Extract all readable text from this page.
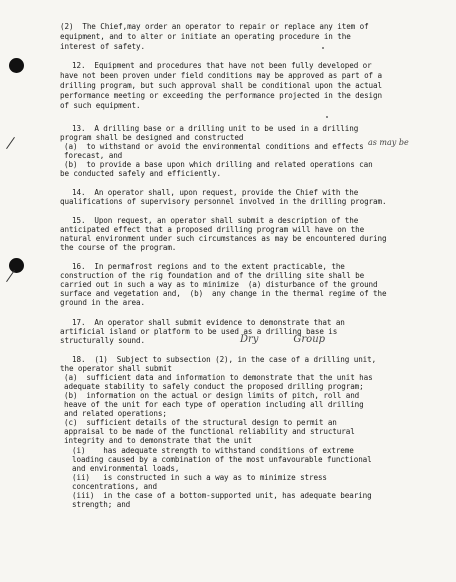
(2)  The Chief,may order an operator to repair or replace any item of
equipment, and to alter or initiate an operating procedure in the
interest of safety.
12.  Equipment and procedures that have not been fully developed or
have not been proven under field conditions may be approved as part of a
drilling program, but such approval shall be conditional upon the actual
performance meeting or exceeding the performance projected in the design
of such equipment.
13.  A drilling base or a drilling unit to be used in a drilling
program shall be designed and constructed
(a)  to withstand or avoid the environmental conditions and effects
forecast, and
(b)  to provide a base upon which drilling and related operations can
be conducted safely and efficiently.
14.  An operator shall, upon request, provide the Chief with the
qualifications of supervisory personnel involved in the drilling program.
15.  Upon request, an operator shall submit a description of the
anticipated effect that a proposed drilling program will have on the
natural environment under such circumstances as may be encountered during
the course of the program.
16.  In permafrost regions and to the extent practicable, the
construction of the rig foundation and of the drilling site shall be
carried out in such a way as to minimize  (a) disturbance of the ground
surface and vegetation and,  (b)  any change in the thermal regime of the
ground in the area.
17.  An operator shall submit evidence to demonstrate that an
artificial island or platform to be used as a drilling base is
structurally sound.
18.  (1)  Subject to subsection (2), in the case of a drilling unit,
the operator shall submit
(a)  sufficient data and information to demonstrate that the unit has
adequate stability to safely conduct the proposed drilling program;
(b)  information on the actual or design limits of pitch, roll and
heave of the unit for each type of operation including all drilling
and related operations;
(c)  sufficient details of the structural design to permit an
appraisal to be made of the functional reliability and structural
integrity and to demonstrate that the unit
(i)    has adequate strength to withstand conditions of extreme
loading caused by a combination of the most unfavourable functional
and environmental loads,
(ii)   is constructed in such a way as to minimize stress
concentrations, and
(iii)  in the case of a bottom-supported unit, has adequate bearing
strength; and
as may be
Dry           Group
